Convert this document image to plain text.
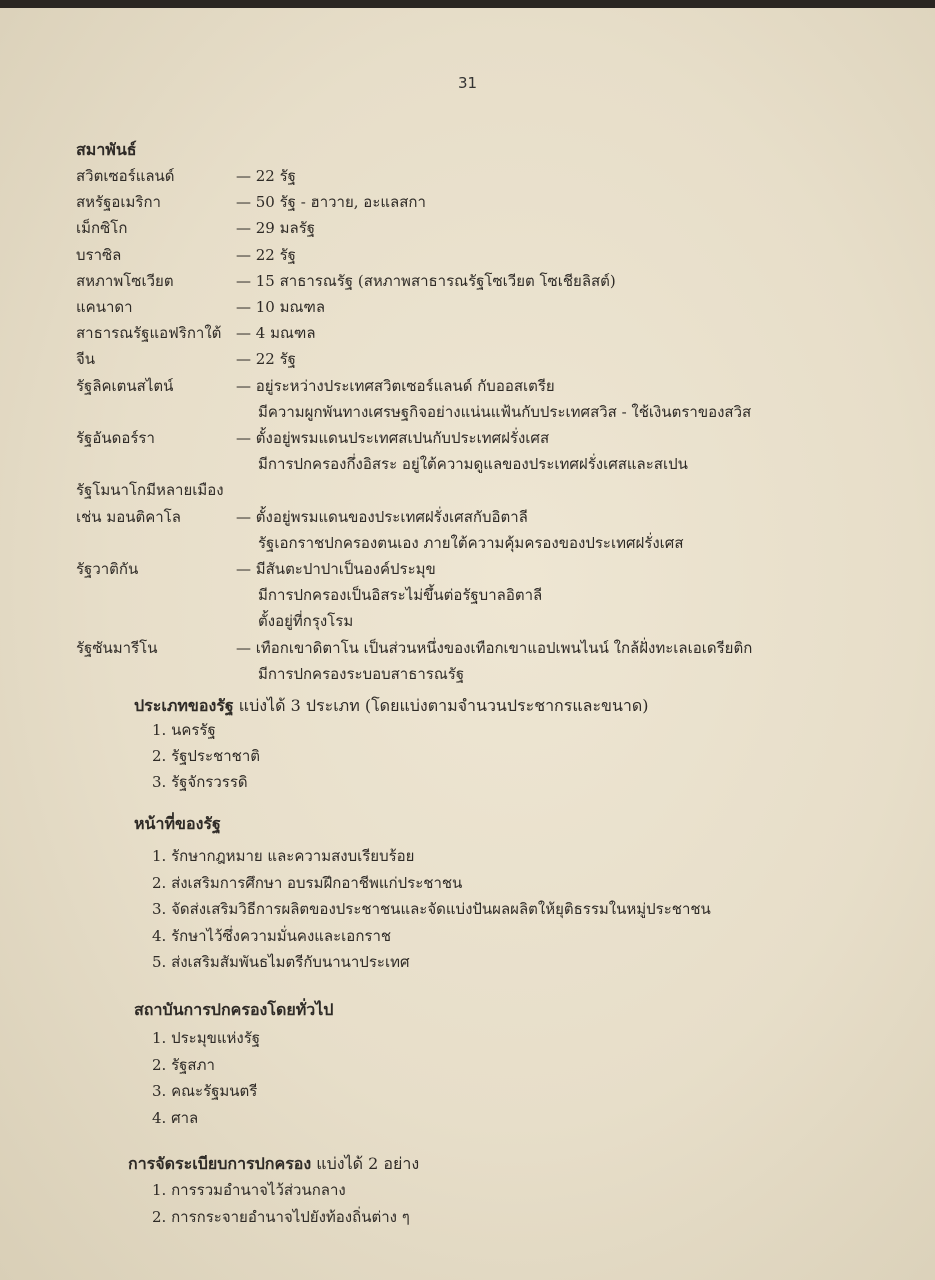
31
สมาพันธ์
สวิตเซอร์แลนด์	— 22 รัฐ
สหรัฐอเมริกา	— 50 รัฐ - ฮาวาย, อะแลสกา
เม็กซิโก	— 29 มลรัฐ
บราซิล	— 22 รัฐ
สหภาพโซเวียต	— 15 สาธารณรัฐ (สหภาพสาธารณรัฐโซเวียต โซเชียลิสต์)
แคนาดา	— 10 มณฑล
สาธารณรัฐแอฟริกาใต้ — 4 มณฑล
จีน	— 22 รัฐ
รัฐลิคเตนสไตน์	— อยู่ระหว่างประเทศสวิตเซอร์แลนด์ กับออสเตรีย
มีความผูกพันทางเศรษฐกิจอย่างแน่นแฟ้นกับประเทศสวิส - ใช้เงินตราของสวิส
รัฐอันดอร์รา	— ตั้งอยู่พรมแดนประเทศสเปนกับประเทศฝรั่งเศส
มีการปกครองกึ่งอิสระ อยู่ใต้ความดูแลของประเทศฝรั่งเศสและสเปน
รัฐโมนาโกมีหลายเมือง
เช่น มอนติคาโล	— ตั้งอยู่พรมแดนของประเทศฝรั่งเศสกับอิตาลี
รัฐเอกราชปกครองตนเอง ภายใต้ความคุ้มครองของประเทศฝรั่งเศส
รัฐวาติกัน	— มีสันตะปาปาเป็นองค์ประมุข
มีการปกครองเป็นอิสระไม่ขึ้นต่อรัฐบาลอิตาลี
ตั้งอยู่ที่กรุงโรม
รัฐซันมารีโน	— เทือกเขาดิตาโน เป็นส่วนหนึ่งของเทือกเขาแอปเพนไนน์ ใกล้ฝั่งทะเลเอเดรียติก
มีการปกครองระบอบสาธารณรัฐ
ประเภทของรัฐ แบ่งได้ 3 ประเภท (โดยแบ่งตามจำนวนประชากรและขนาด)
1. นครรัฐ
2. รัฐประชาชาติ
3. รัฐจักรวรรดิ
หน้าที่ของรัฐ
1. รักษากฎหมาย และความสงบเรียบร้อย
2. ส่งเสริมการศึกษา อบรมฝึกอาชีพแก่ประชาชน
3. จัดส่งเสริมวิธีการผลิตของประชาชนและจัดแบ่งปันผลผลิตให้ยุติธรรมในหมู่ประชาชน
4. รักษาไว้ซึ่งความมั่นคงและเอกราช
5. ส่งเสริมสัมพันธไมตรีกับนานาประเทศ
สถาบันการปกครองโดยทั่วไป
1. ประมุขแห่งรัฐ
2. รัฐสภา
3. คณะรัฐมนตรี
4. ศาล
การจัดระเบียบการปกครอง แบ่งได้ 2 อย่าง
1. การรวมอำนาจไว้ส่วนกลาง
2. การกระจายอำนาจไปยังท้องถิ่นต่าง ๆ
